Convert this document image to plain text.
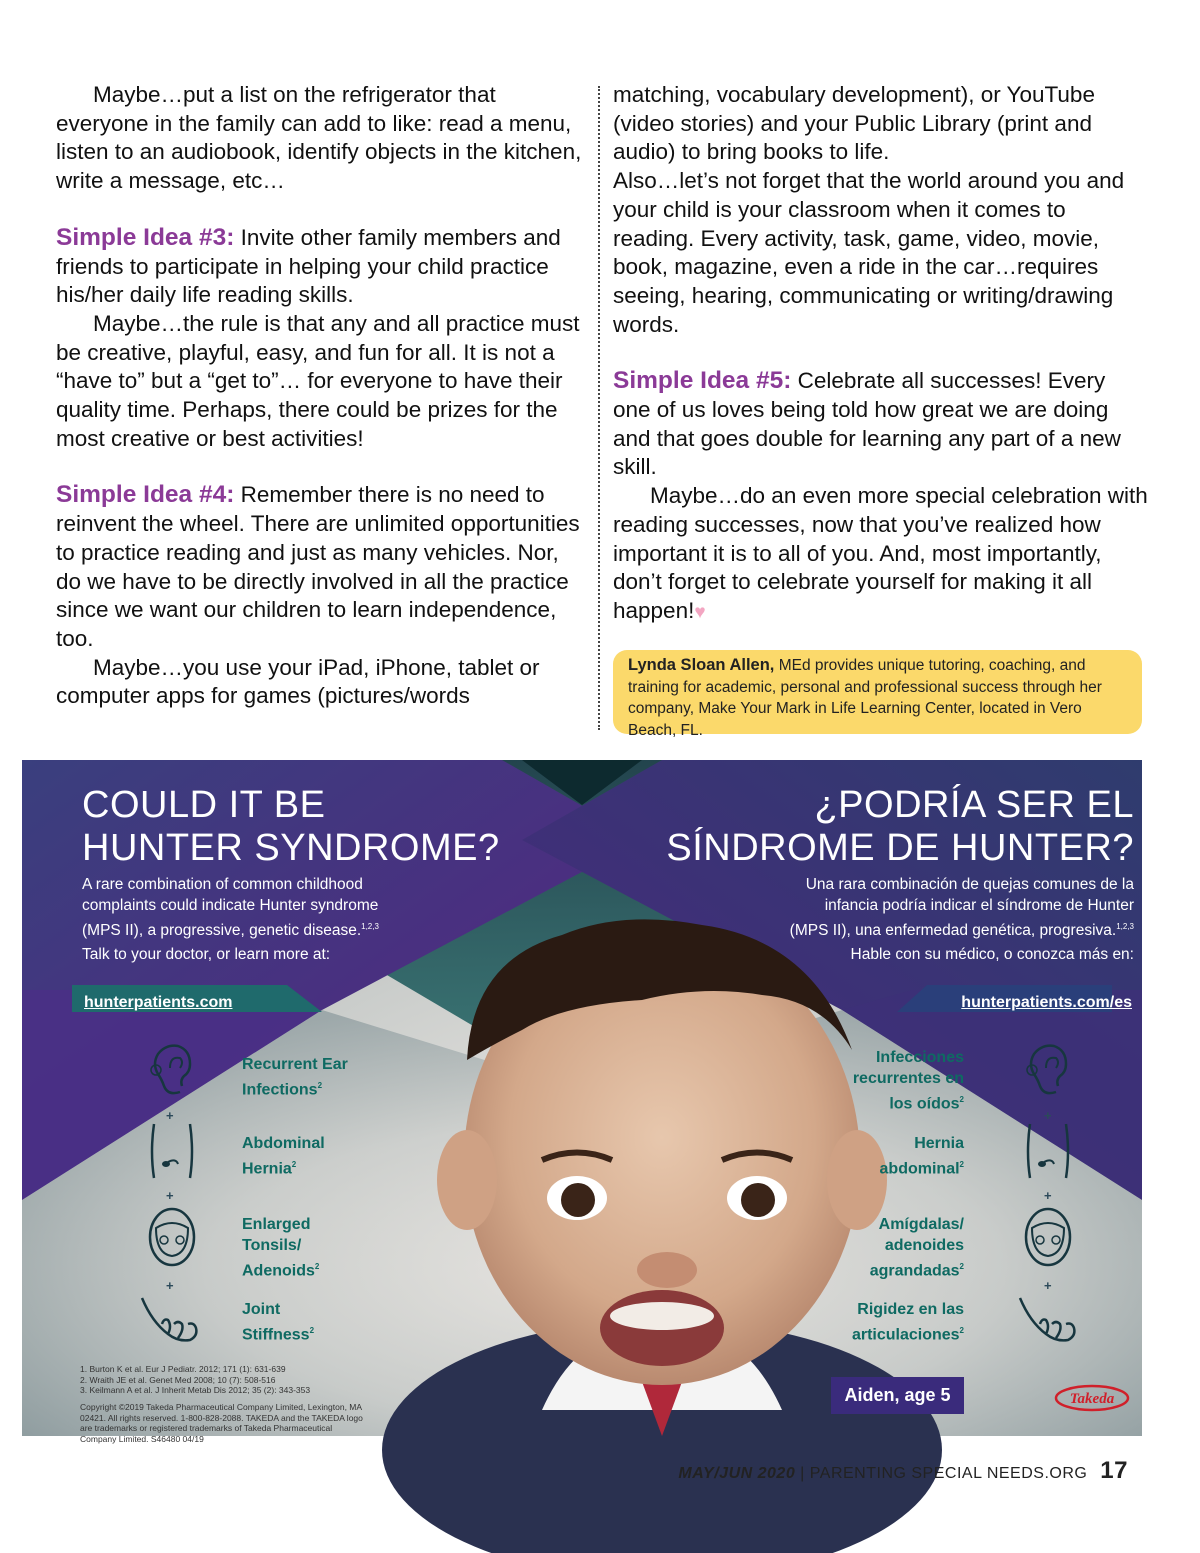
Maybe…put a list on the refrigerator that everyone in the family can add to like: read a menu, listen to an audiobook, identify objects in the kitchen, write a message, etc…

Simple Idea #3: Invite other family members and friends to participate in helping your child practice his/her daily life reading skills.

Maybe…the rule is that any and all practice must be creative, playful, easy, and fun for all. It is not a “have to” but a “get to”… for everyone to have their quality time. Perhaps, there could be prizes for the most creative or best activities!

Simple Idea #4: Remember there is no need to reinvent the wheel. There are unlimited opportunities to practice reading and just as many vehicles. Nor, do we have to be directly involved in all the practice since we want our children to learn independence, too.

Maybe…you use your iPad, iPhone, tablet or computer apps for games (pictures/words

matching, vocabulary development), or YouTube (video stories) and your Public Library (print and audio) to bring books to life.

Also…let’s not forget that the world around you and your child is your classroom when it comes to reading. Every activity, task, game, video, movie, book, magazine, even a ride in the car…requires seeing, hearing, communicating or writing/drawing words.

Simple Idea #5: Celebrate all successes! Every one of us loves being told how great we are doing and that goes double for learning any part of a new skill.

Maybe…do an even more special celebration with reading successes, now that you’ve realized how important it is to all of you. And, most importantly, don’t forget to celebrate yourself for making it all happen!♥

Lynda Sloan Allen, MEd provides unique tutoring, coaching, and training for academic, personal and professional success through her company, Make Your Mark in Life Learning Center, located in Vero Beach, FL.
COULD IT BE
HUNTER SYNDROME?
A rare combination of common childhood
complaints could indicate Hunter syndrome
(MPS II), a progressive, genetic disease.$^{1,2,3}$
Talk to your doctor, or learn more at:
hunterpatients.com
¿PODRÍA SER EL
SÍNDROME DE HUNTER?
Una rara combinación de quejas comunes de la
infancia podría indicar el síndrome de Hunter
(MPS II), una enfermedad genética, progresiva.$^{1,2,3}$
Hable con su médico, o conozca más en:
hunterpatients.com/es
+
+
+
Recurrent Ear
Infections$^2$
Abdominal
Hernia$^2$
Enlarged
Tonsils/
Adenoids$^2$
Joint
Stiffness$^2$
+
+
+
Infecciones
recurrentes en
los oídos$^2$
Hernia
abdominal$^2$
Amígdalas/
adenoides
agrandadas$^2$
Rigidez en las
articulaciones$^2$
1. Burton K et al. Eur J Pediatr. 2012; 171 (1): 631-639
2. Wraith JE et al. Genet Med 2008; 10 (7): 508-516
3. Keilmann A et al. J Inherit Metab Dis 2012; 35 (2): 343-353
Copyright ©2019 Takeda Pharmaceutical Company Limited, Lexington, MA 02421. All rights reserved. 1-800-828-2088. TAKEDA and the TAKEDA logo are trademarks or registered trademarks of Takeda Pharmaceutical Company Limited. S46480 04/19
Aiden, age 5	Takeda
MAY/JUN 2020 | PARENTING SPECIAL NEEDS.ORG 17
